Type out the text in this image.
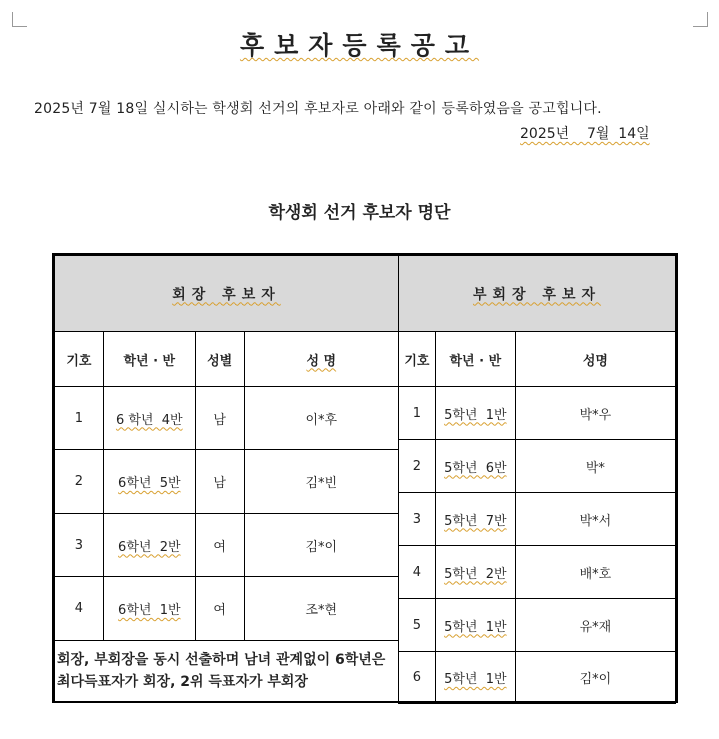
후보자등록공고
2025년 7월 18일 실시하는 학생회 선거의 후보자로 아래와 같이 등록하였음을 공고힙니다.
2025년    7월  14일
학생회 선거 후보자 명단
회장 후보자			
기호	학년 · 반	성별	성 명
1	6 학년  4반	남	이*후
2	6학년  5반	남	김*빈
3	6학년  2반	여	김*이
4	6학년  1반	여	조*현
회장, 부회장을 동시 선출하며 남녀 관계없이 6학년은 최다득표자가 회장, 2위 득표자가 부회장			
부회장 후보자		
기호	학년 · 반	성명
1	5학년  1반	박*우
2	5학년  6반	박*
3	5학년  7반	박*서
4	5학년  2반	배*호
5	5학년  1반	유*재
6	5학년  1반	김*이
